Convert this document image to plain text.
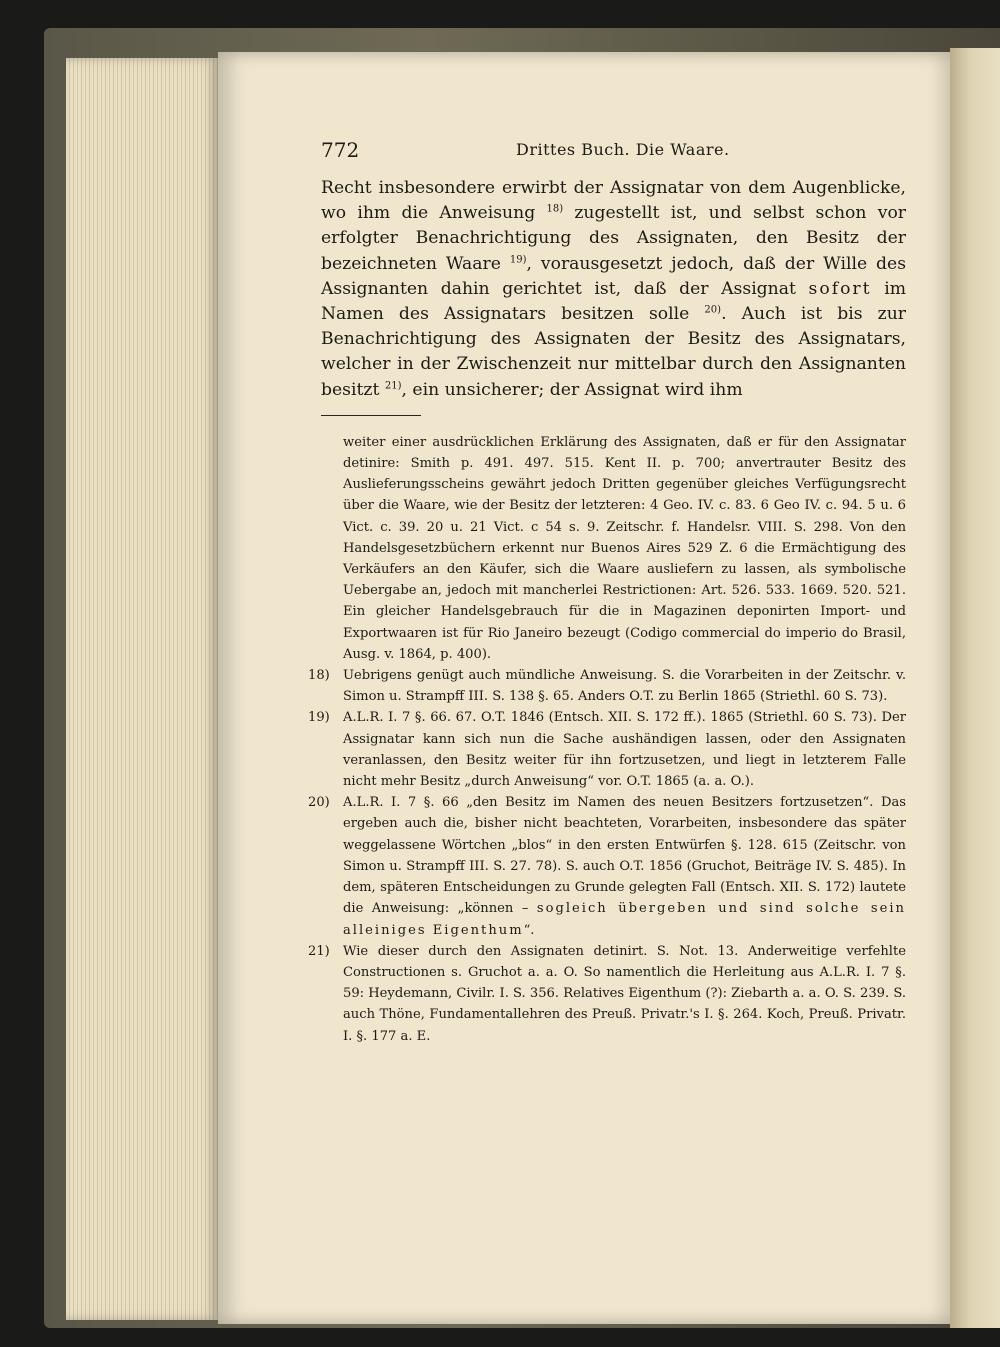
772	Drittes Buch. Die Waare.

Recht insbesondere erwirbt der Assignatar von dem Augenblicke, wo ihm die Anweisung $^{18)}$ zugestellt ist, und selbst schon vor erfolgter Benachrichtigung des Assignaten, den Besitz der bezeichneten Waare $^{19)}$, vorausgesetzt jedoch, daß der Wille des Assignanten dahin gerichtet ist, daß der Assignat sofort im Namen des Assignatars besitzen solle $^{20)}$. Auch ist bis zur Benachrichtigung des Assignaten der Besitz des Assignatars, welcher in der Zwischenzeit nur mittelbar durch den Assignanten besitzt $^{21)}$, ein unsicherer; der Assignat wird ihm

weiter einer ausdrücklichen Erklärung des Assignaten, daß er für den Assignatar detinire: Smith p. 491. 497. 515. Kent II. p. 700; anvertrauter Besitz des Auslieferungsscheins gewährt jedoch Dritten gegenüber gleiches Verfügungsrecht über die Waare, wie der Besitz der letzteren: 4 Geo. IV. c. 83. 6 Geo IV. c. 94. 5 u. 6 Vict. c. 39. 20 u. 21 Vict. c 54 s. 9. Zeitschr. f. Handelsr. VIII. S. 298. Von den Handelsgesetzbüchern erkennt nur Buenos Aires 529 Z. 6 die Ermächtigung des Verkäufers an den Käufer, sich die Waare ausliefern zu lassen, als symbolische Uebergabe an, jedoch mit mancherlei Restrictionen: Art. 526. 533. 1669. 520. 521. Ein gleicher Handelsgebrauch für die in Magazinen deponirten Import- und Exportwaaren ist für Rio Janeiro bezeugt (Codigo commercial do imperio do Brasil, Ausg. v. 1864, p. 400).

18) Uebrigens genügt auch mündliche Anweisung. S. die Vorarbeiten in der Zeitschr. v. Simon u. Strampff III. S. 138 §. 65. Anders O.T. zu Berlin 1865 (Striethl. 60 S. 73).

19) A.L.R. I. 7 §. 66. 67. O.T. 1846 (Entsch. XII. S. 172 ff.). 1865 (Striethl. 60 S. 73). Der Assignatar kann sich nun die Sache aushändigen lassen, oder den Assignaten veranlassen, den Besitz weiter für ihn fortzusetzen, und liegt in letzterem Falle nicht mehr Besitz „durch Anweisung“ vor. O.T. 1865 (a. a. O.).

20) A.L.R. I. 7 §. 66 „den Besitz im Namen des neuen Besitzers fortzusetzen“. Das ergeben auch die, bisher nicht beachteten, Vorarbeiten, insbesondere das später weggelassene Wörtchen „blos“ in den ersten Entwürfen §. 128. 615 (Zeitschr. von Simon u. Strampff III. S. 27. 78). S. auch O.T. 1856 (Gruchot, Beiträge IV. S. 485). In dem, späteren Entscheidungen zu Grunde gelegten Fall (Entsch. XII. S. 172) lautete die Anweisung: „können – sogleich übergeben und sind solche sein alleiniges Eigenthum“.

21) Wie dieser durch den Assignaten detinirt. S. Not. 13. Anderweitige verfehlte Constructionen s. Gruchot a. a. O. So namentlich die Herleitung aus A.L.R. I. 7 §. 59: Heydemann, Civilr. I. S. 356. Relatives Eigenthum (?): Ziebarth a. a. O. S. 239. S. auch Thöne, Fundamentallehren des Preuß. Privatr.'s I. §. 264. Koch, Preuß. Privatr. I. §. 177 a. E.
